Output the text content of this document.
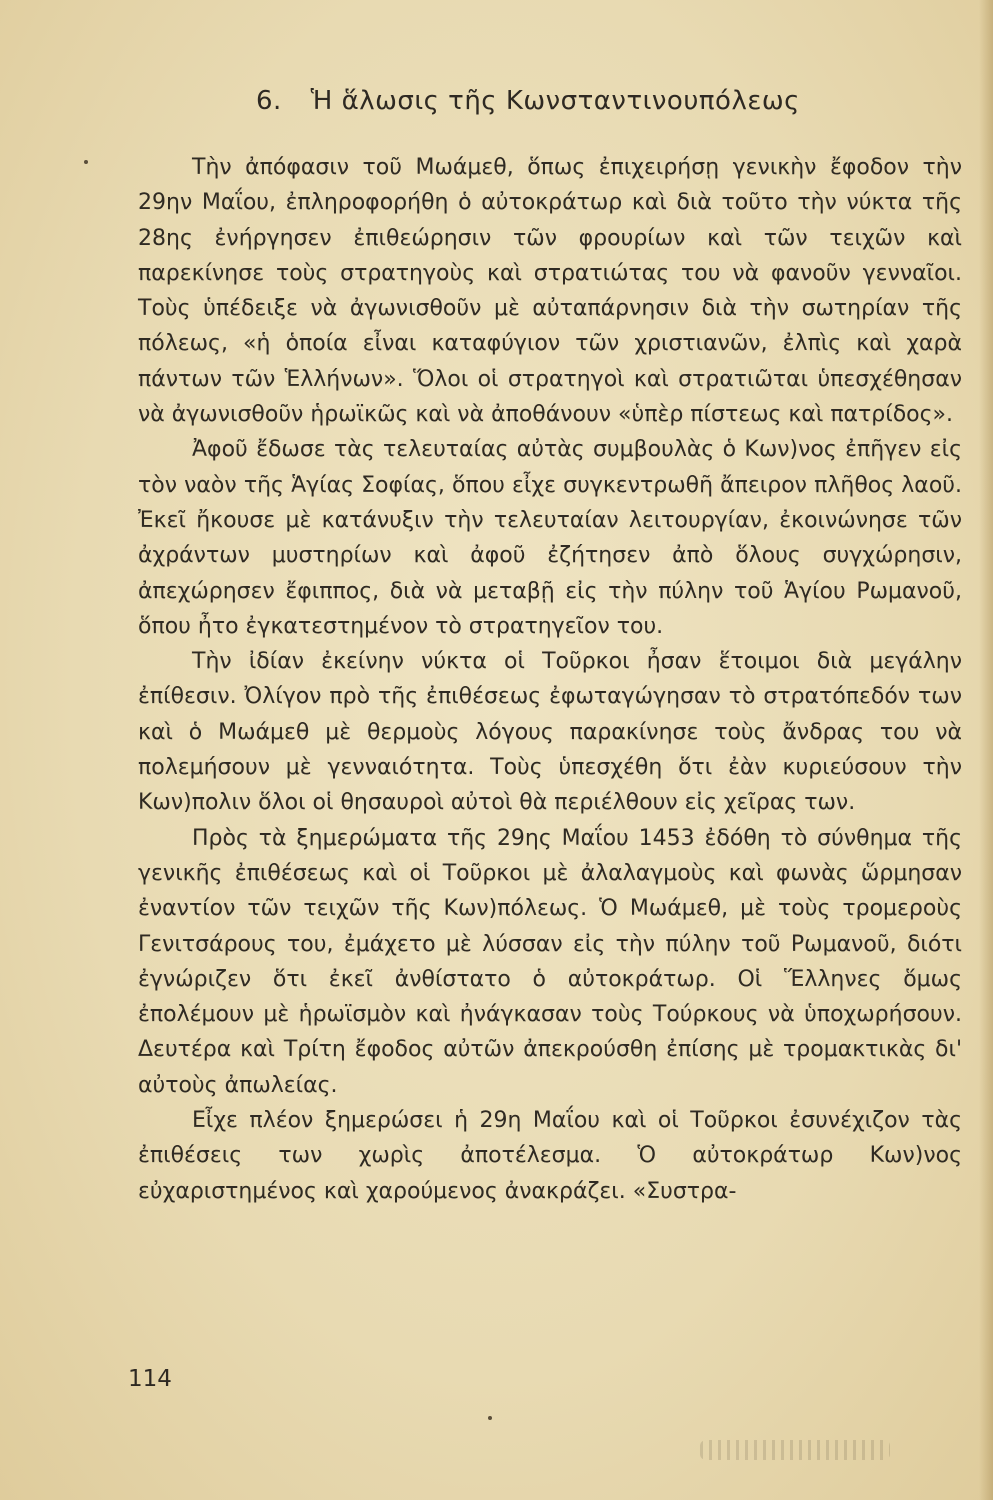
6. Ἡ ἅλωσις τῆς Κωνσταντινουπόλεως

Τὴν ἀπόφασιν τοῦ Μωάμεθ, ὅπως ἐπιχειρήσῃ γενικὴν ἔφοδον τὴν 29ην Μαΐου, ἐπληροφορήθη ὁ αὐτοκράτωρ καὶ διὰ τοῦτο τὴν νύκτα τῆς 28ης ἐνήργησεν ἐπιθεώρησιν τῶν φρουρίων καὶ τῶν τειχῶν καὶ παρεκίνησε τοὺς στρατηγοὺς καὶ στρατιώτας του νὰ φανοῦν γενναῖοι. Τοὺς ὑπέδειξε νὰ ἀγωνισθοῦν μὲ αὐταπάρνησιν διὰ τὴν σωτηρίαν τῆς πόλεως, «ἡ ὁποία εἶναι καταφύγιον τῶν χριστιανῶν, ἐλπὶς καὶ χαρὰ πάντων τῶν Ἑλλήνων». Ὅλοι οἱ στρατηγοὶ καὶ στρατιῶται ὑπεσχέθησαν νὰ ἀγωνισθοῦν ἡρωϊκῶς καὶ νὰ ἀποθάνουν «ὑπὲρ πίστεως καὶ πατρίδος».

Ἀφοῦ ἔδωσε τὰς τελευταίας αὐτὰς συμβουλὰς ὁ Κων)νος ἐπῆγεν εἰς τὸν ναὸν τῆς Ἁγίας Σοφίας, ὅπου εἶχε συγκεντρωθῆ ἄπειρον πλῆθος λαοῦ. Ἐκεῖ ἤκουσε μὲ κατάνυξιν τὴν τελευταίαν λειτουργίαν, ἐκοινώνησε τῶν ἀχράντων μυστηρίων καὶ ἀφοῦ ἐζήτησεν ἀπὸ ὅλους συγχώρησιν, ἀπεχώρησεν ἔφιππος, διὰ νὰ μεταβῇ εἰς τὴν πύλην τοῦ Ἁγίου Ρωμανοῦ, ὅπου ἦτο ἐγκατεστημένον τὸ στρατηγεῖον του.

Τὴν ἰδίαν ἐκείνην νύκτα οἱ Τοῦρκοι ἦσαν ἕτοιμοι διὰ μεγάλην ἐπίθεσιν. Ὀλίγον πρὸ τῆς ἐπιθέσεως ἐφωταγώγησαν τὸ στρατόπεδόν των καὶ ὁ Μωάμεθ μὲ θερμοὺς λόγους παρακίνησε τοὺς ἄνδρας του νὰ πολεμήσουν μὲ γενναιότητα. Τοὺς ὑπεσχέθη ὅτι ἐὰν κυριεύσουν τὴν Κων)πολιν ὅλοι οἱ θησαυροὶ αὐτοὶ θὰ περιέλθουν εἰς χεῖρας των.

Πρὸς τὰ ξημερώματα τῆς 29ης Μαΐου 1453 ἐδόθη τὸ σύνθημα τῆς γενικῆς ἐπιθέσεως καὶ οἱ Τοῦρκοι μὲ ἀλαλαγμοὺς καὶ φωνὰς ὥρμησαν ἐναντίον τῶν τειχῶν τῆς Κων)πόλεως. Ὁ Μωάμεθ, μὲ τοὺς τρομεροὺς Γενιτσάρους του, ἐμάχετο μὲ λύσσαν εἰς τὴν πύλην τοῦ Ρωμανοῦ, διότι ἐγνώριζεν ὅτι ἐκεῖ ἀνθίστατο ὁ αὐτοκράτωρ. Οἱ Ἕλληνες ὅμως ἐπολέμουν μὲ ἡρωϊσμὸν καὶ ἠνάγκασαν τοὺς Τούρκους νὰ ὑποχωρήσουν. Δευτέρα καὶ Τρίτη ἔφοδος αὐτῶν ἀπεκρούσθη ἐπίσης μὲ τρομακτικὰς δι' αὐτοὺς ἀπωλείας.

Εἶχε πλέον ξημερώσει ἡ 29η Μαΐου καὶ οἱ Τοῦρκοι ἐσυνέχιζον τὰς ἐπιθέσεις των χωρὶς ἀποτέλεσμα. Ὁ αὐτοκράτωρ Κων)νος εὐχαριστημένος καὶ χαρούμενος ἀνακράζει. «Συστρα-

114
